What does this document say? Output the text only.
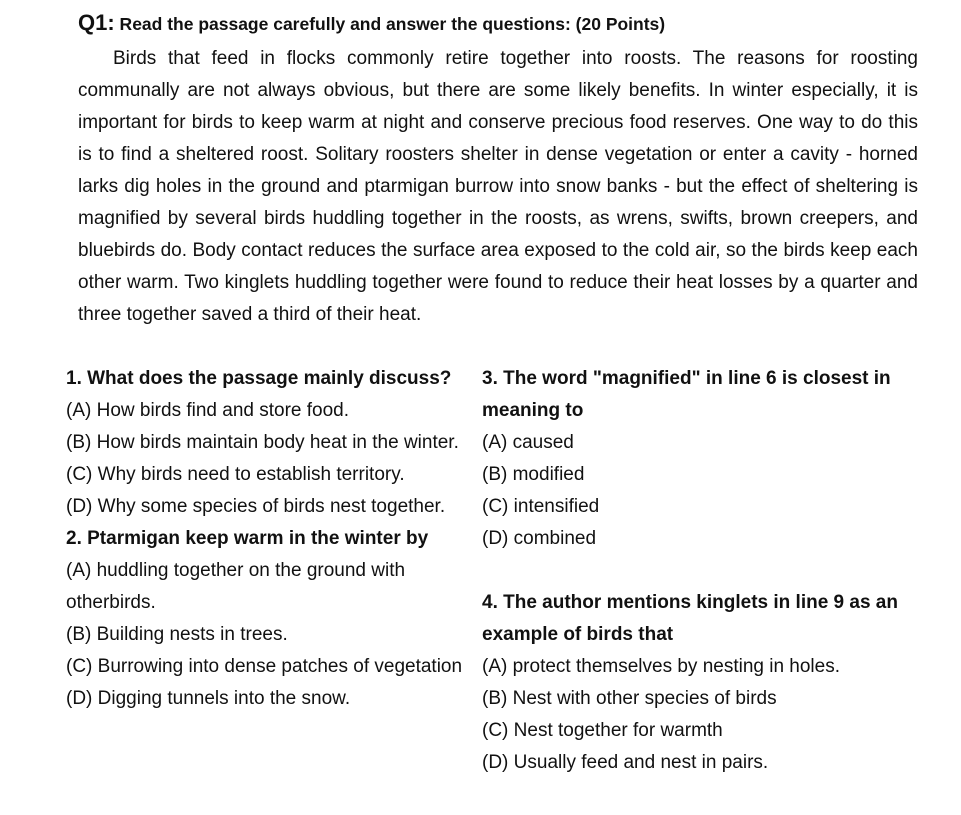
Q1: Read the passage carefully and answer the questions: (20 Points)

Birds that feed in flocks commonly retire together into roosts. The reasons for roosting communally are not always obvious, but there are some likely benefits. In winter especially, it is important for birds to keep warm at night and conserve precious food reserves. One way to do this is to find a sheltered roost. Solitary roosters shelter in dense vegetation or enter a cavity - horned larks dig holes in the ground and ptarmigan burrow into snow banks - but the effect of sheltering is magnified by several birds huddling together in the roosts, as wrens, swifts, brown creepers, and bluebirds do. Body contact reduces the surface area exposed to the cold air, so the birds keep each other warm. Two kinglets huddling together were found to reduce their heat losses by a quarter and three together saved a third of their heat.

1. What does the passage mainly discuss?

(A) How birds find and store food.

(B) How birds maintain body heat in the winter.

(C) Why birds need to establish territory.

(D) Why some species of birds nest together.

2. Ptarmigan keep warm in the winter by

(A) huddling together on the ground with otherbirds.

(B) Building nests in trees.

(C) Burrowing into dense patches of vegetation

(D) Digging tunnels into the snow.

3. The word "magnified" in line 6 is closest in meaning to

(A) caused

(B) modified

(C) intensified

(D) combined

4. The author mentions kinglets in line 9 as an example of birds that

(A) protect themselves by nesting in holes.

(B) Nest with other species of birds

(C) Nest together for warmth

(D) Usually feed and nest in pairs.
